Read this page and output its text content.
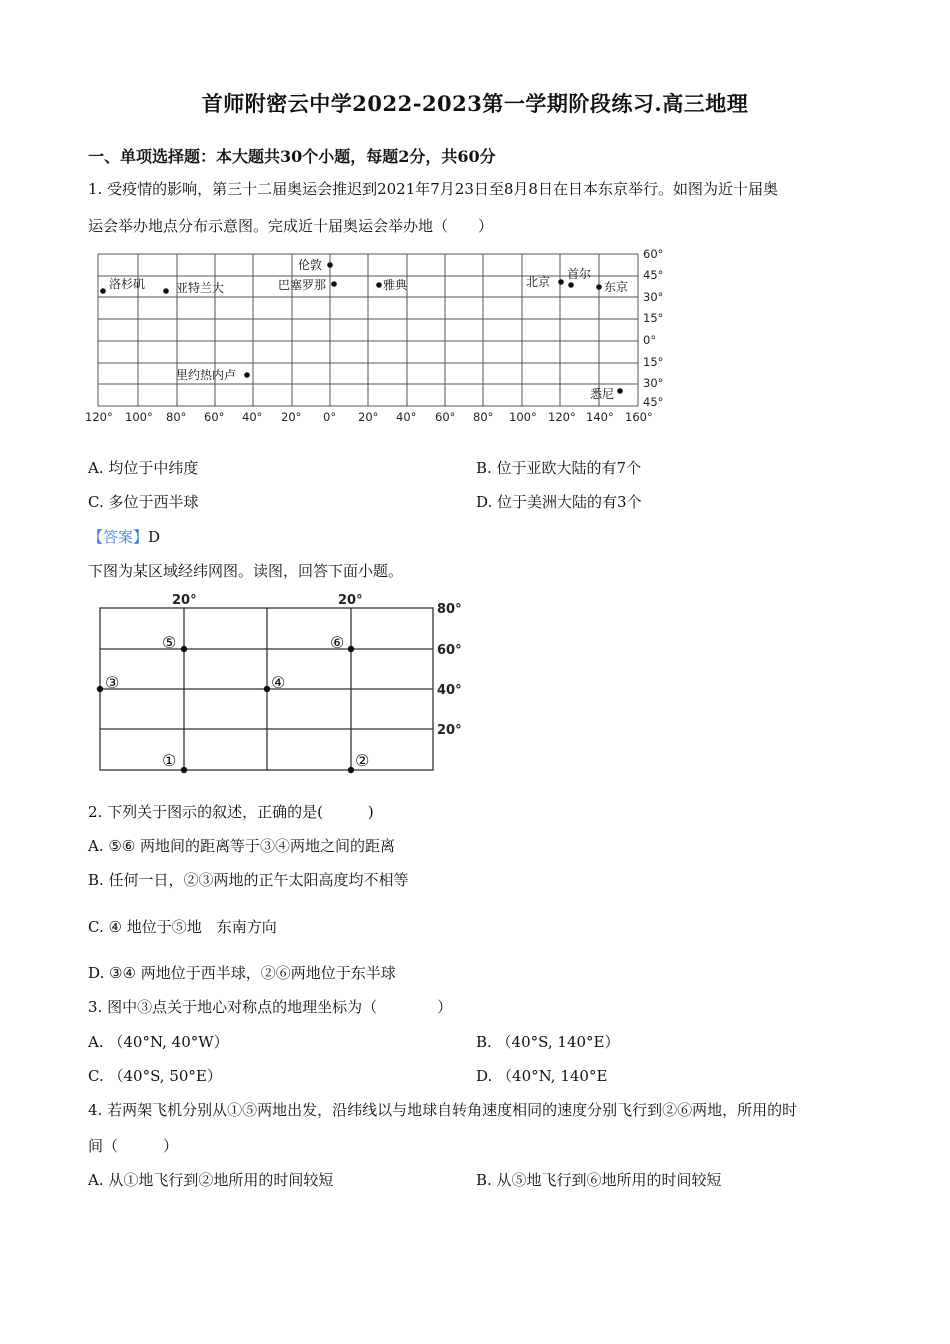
首师附密云中学2022-2023第一学期阶段练习.高三地理
一、单项选择题：本大题共30个小题，每题2分，共60分
1. 受疫情的影响，第三十二届奥运会推迟到2021年7月23日至8月8日在日本东京举行。如图为近十届奥
运会举办地点分布示意图。完成近十届奥运会举办地（　　）
120° 100° 80° 60° 40° 20° 0° 20° 40° 60° 80° 100° 120° 140° 160°
60°
45°
30°
15°
0°
15°
30°
45°
洛杉矶	亚特兰大
伦敦
巴塞罗那	雅典	北京
首尔
东京
里约热内卢
悉尼
A. 均位于中纬度	B. 位于亚欧大陆的有7个
C. 多位于西半球	D. 位于美洲大陆的有3个
【答案】D
下图为某区域经纬网图。读图，回答下面小题。
20°	20°
80°
60°
40°
20°
⑤	⑥
③	④
①	②
2. 下列关于图示的叙述，正确的是(　　　)
A. ⑤⑥ 两地间的距离等于③④两地之间的距离
B. 任何一日，②③两地的正午太阳高度均不相等
C. ④ 地位于⑤地　东南方向
D. ③④ 两地位于西半球，②⑥两地位于东半球
3. 图中③点关于地心对称点的地理坐标为（　　　　）
A. （40°N, 40°W）	B. （40°S, 140°E）
C. （40°S, 50°E）	D. （40°N, 140°E
4. 若两架飞机分别从①⑤两地出发，沿纬线以与地球自转角速度相同的速度分别飞行到②⑥两地，所用的时
间（　　　）
A. 从①地飞行到②地所用的时间较短	B. 从⑤地飞行到⑥地所用的时间较短
